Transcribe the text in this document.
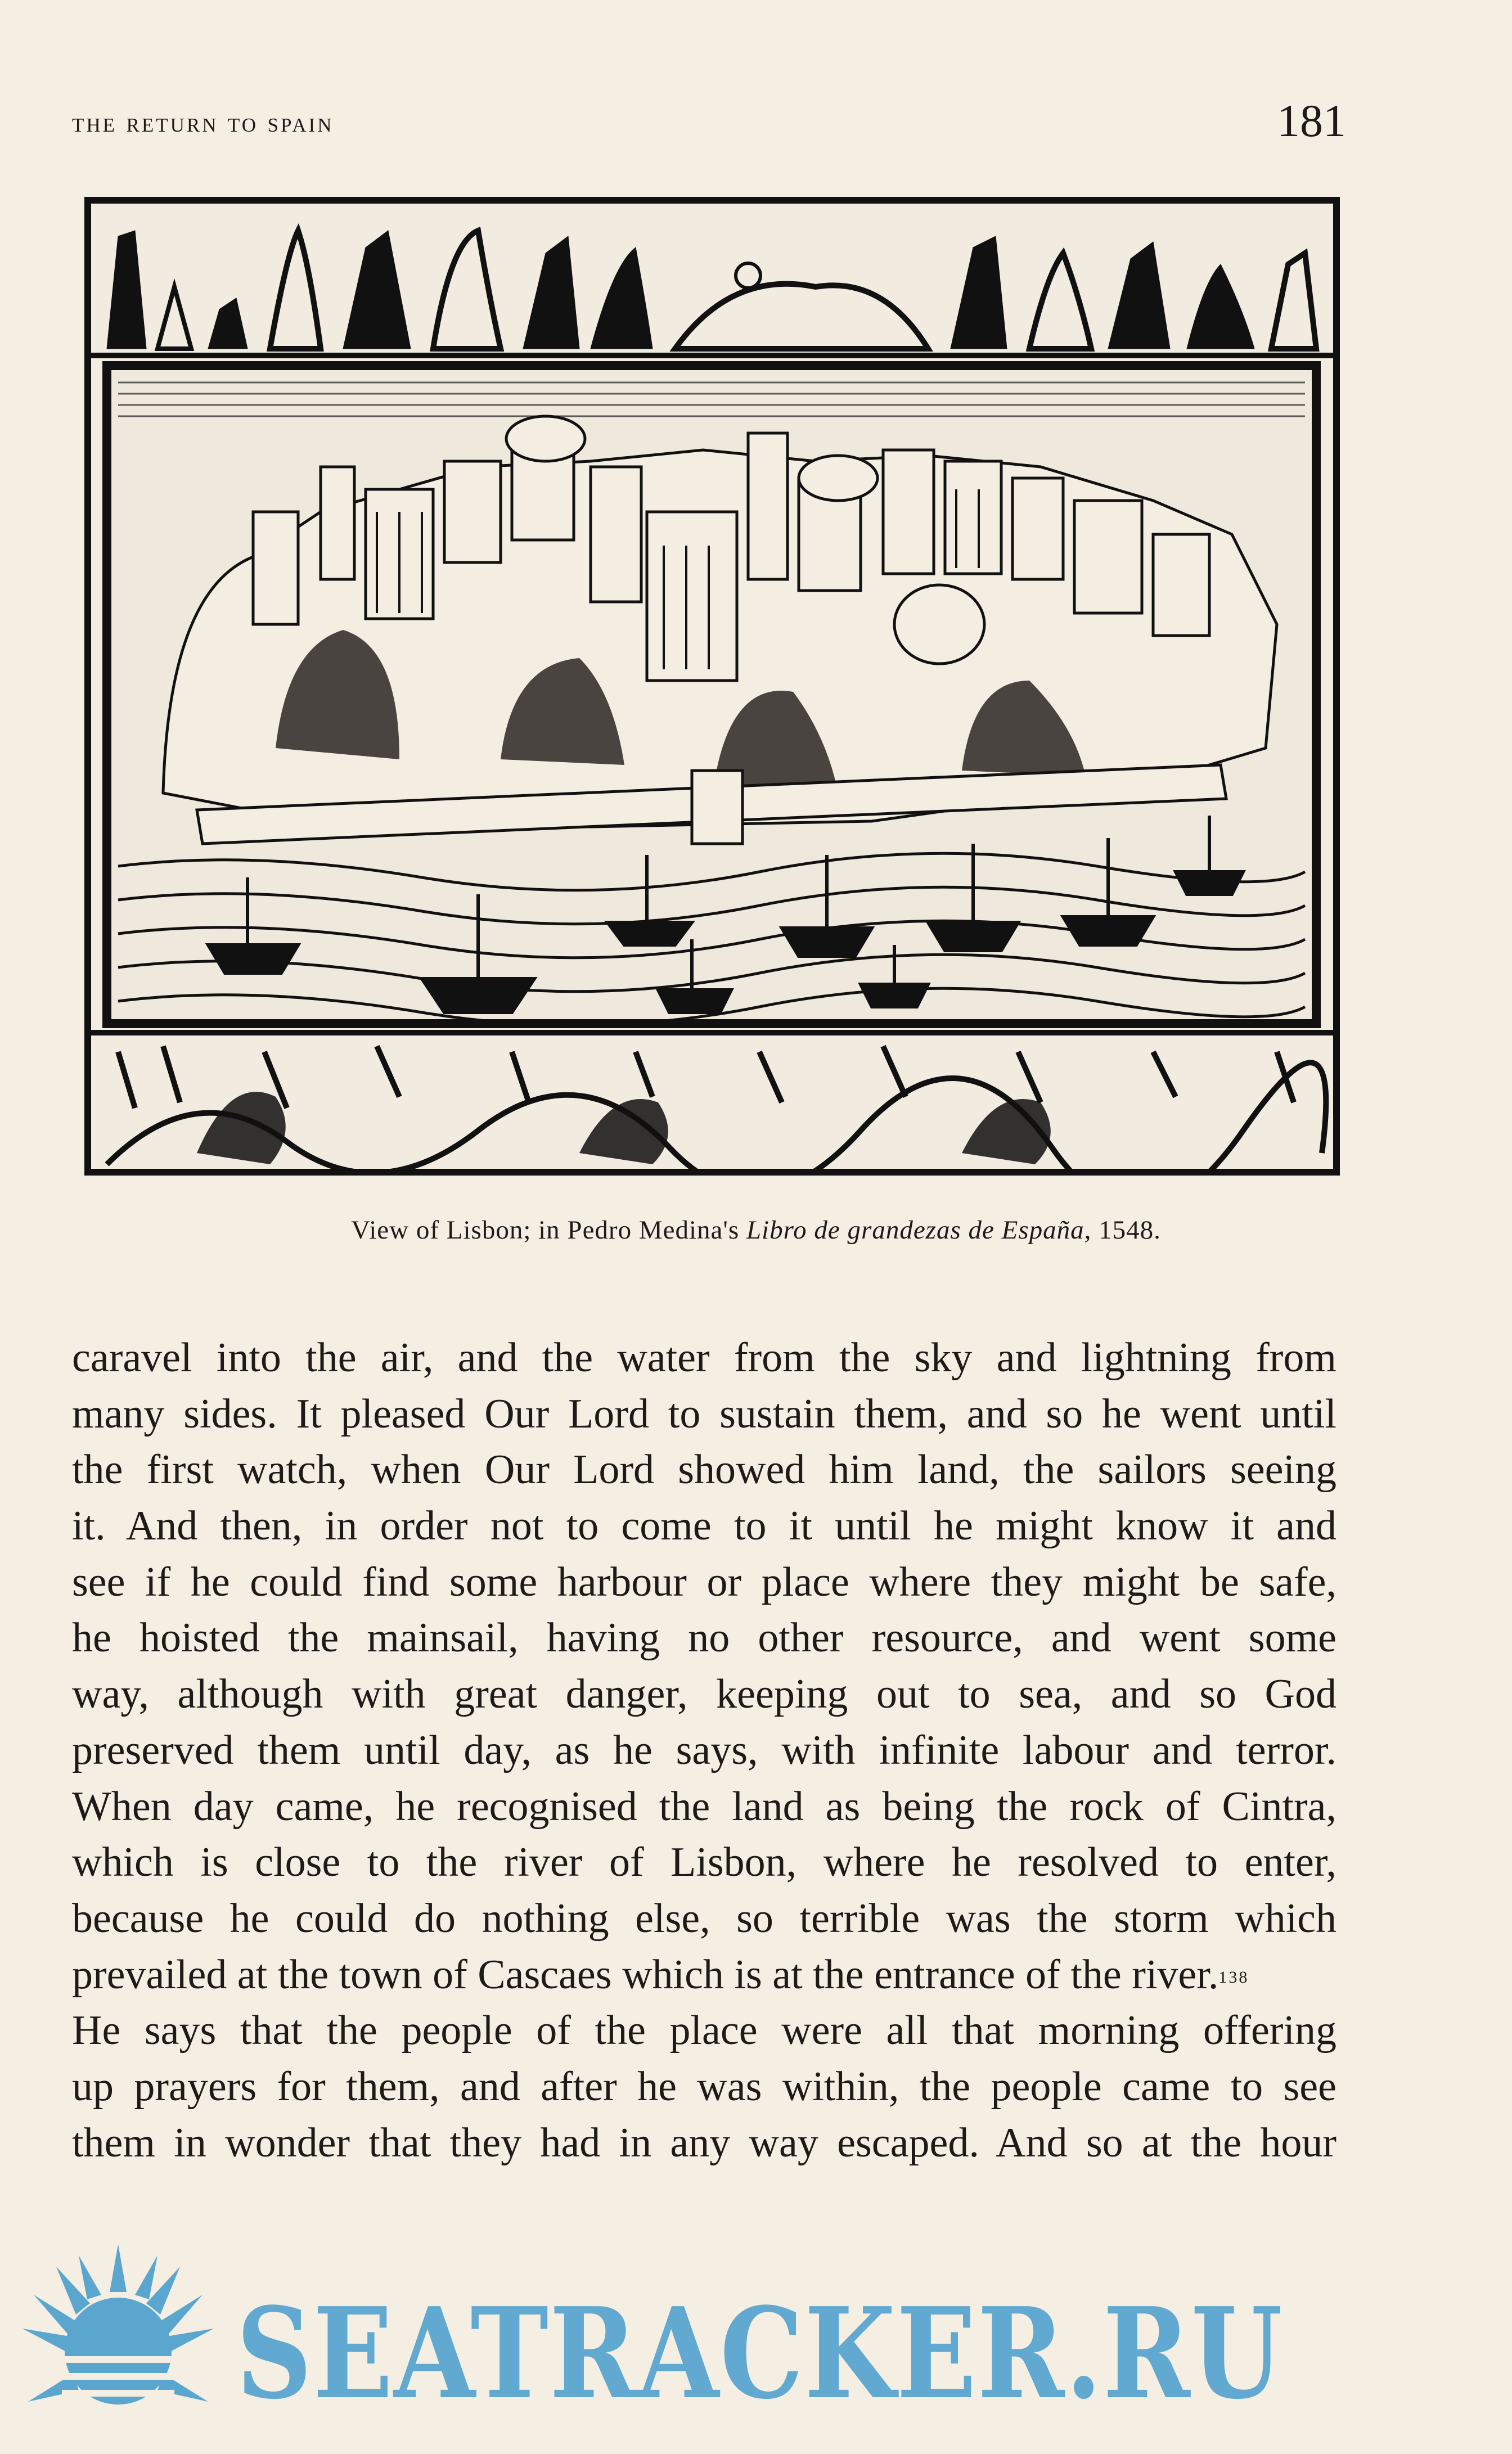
the return to spain	181
View of Lisbon; in Pedro Medina's Libro de grandezas de España, 1548.
caravel into the air, and the water from the sky and lightning from
many sides. It pleased Our Lord to sustain them, and so he went until
the first watch, when Our Lord showed him land, the sailors seeing
it. And then, in order not to come to it until he might know it and
see if he could find some harbour or place where they might be safe,
he hoisted the mainsail, having no other resource, and went some
way, although with great danger, keeping out to sea, and so God
preserved them until day, as he says, with infinite labour and terror.
When day came, he recognised the land as being the rock of Cintra,
which is close to the river of Lisbon, where he resolved to enter,
because he could do nothing else, so terrible was the storm which
prevailed at the town of Cascaes which is at the entrance of the river.$^{138}$
He says that the people of the place were all that morning offering
up prayers for them, and after he was within, the people came to see
them in wonder that they had in any way escaped. And so at the hour
SEATRACKER.RU
